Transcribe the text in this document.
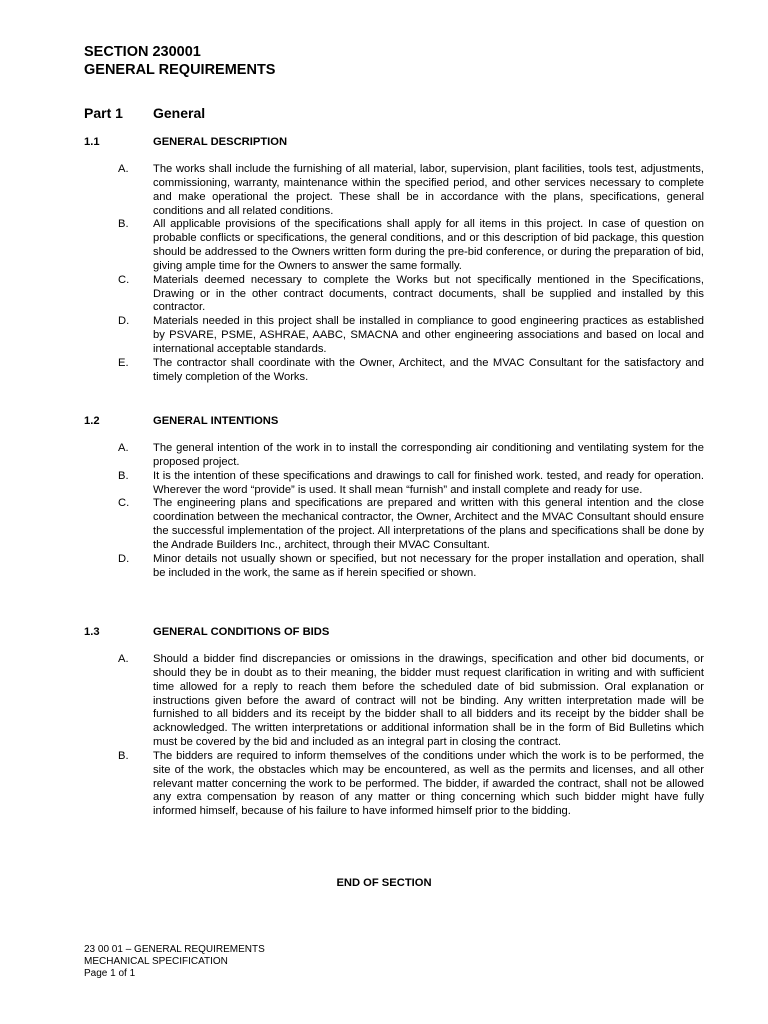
SECTION 230001
GENERAL REQUIREMENTS
Part 1 General
1.1	GENERAL DESCRIPTION
A. The works shall include the furnishing of all material, labor, supervision, plant facilities, tools test, adjustments, commissioning, warranty, maintenance within the specified period, and other services necessary to complete and make operational the project. These shall be in accordance with the plans, specifications, general conditions and all related conditions.
B. All applicable provisions of the specifications shall apply for all items in this project. In case of question on probable conflicts or specifications, the general conditions, and or this description of bid package, this question should be addressed to the Owners written form during the pre-bid conference, or during the preparation of bid, giving ample time for the Owners to answer the same formally.
C. Materials deemed necessary to complete the Works but not specifically mentioned in the Specifications, Drawing or in the other contract documents, contract documents, shall be supplied and installed by this contractor.
D. Materials needed in this project shall be installed in compliance to good engineering practices as established by PSVARE, PSME, ASHRAE, AABC, SMACNA and other engineering associations and based on local and international acceptable standards.
E. The contractor shall coordinate with the Owner, Architect, and the MVAC Consultant for the satisfactory and timely completion of the Works.
1.2	GENERAL INTENTIONS
A. The general intention of the work in to install the corresponding air conditioning and ventilating system for the proposed project.
B. It is the intention of these specifications and drawings to call for finished work. tested, and ready for operation. Wherever the word “provide” is used. It shall mean “furnish” and install complete and ready for use.
C. The engineering plans and specifications are prepared and written with this general intention and the close coordination between the mechanical contractor, the Owner, Architect and the MVAC Consultant should ensure the successful implementation of the project. All interpretations of the plans and specifications shall be done by the Andrade Builders Inc., architect, through their MVAC Consultant.
D. Minor details not usually shown or specified, but not necessary for the proper installation and operation, shall be included in the work, the same as if herein specified or shown.
1.3	GENERAL CONDITIONS OF BIDS
A. Should a bidder find discrepancies or omissions in the drawings, specification and other bid documents, or should they be in doubt as to their meaning, the bidder must request clarification in writing and with sufficient time allowed for a reply to reach them before the scheduled date of bid submission. Oral explanation or instructions given before the award of contract will not be binding. Any written interpretation made will be furnished to all bidders and its receipt by the bidder shall to all bidders and its receipt by the bidder shall be acknowledged. The written interpretations or additional information shall be in the form of Bid Bulletins which must be covered by the bid and included as an integral part in closing the contract.
B. The bidders are required to inform themselves of the conditions under which the work is to be performed, the site of the work, the obstacles which may be encountered, as well as the permits and licenses, and all other relevant matter concerning the work to be performed. The bidder, if awarded the contract, shall not be allowed any extra compensation by reason of any matter or thing concerning which such bidder might have fully informed himself, because of his failure to have informed himself prior to the bidding.
END OF SECTION
23 00 01 – GENERAL REQUIREMENTS
MECHANICAL SPECIFICATION
Page 1 of 1
